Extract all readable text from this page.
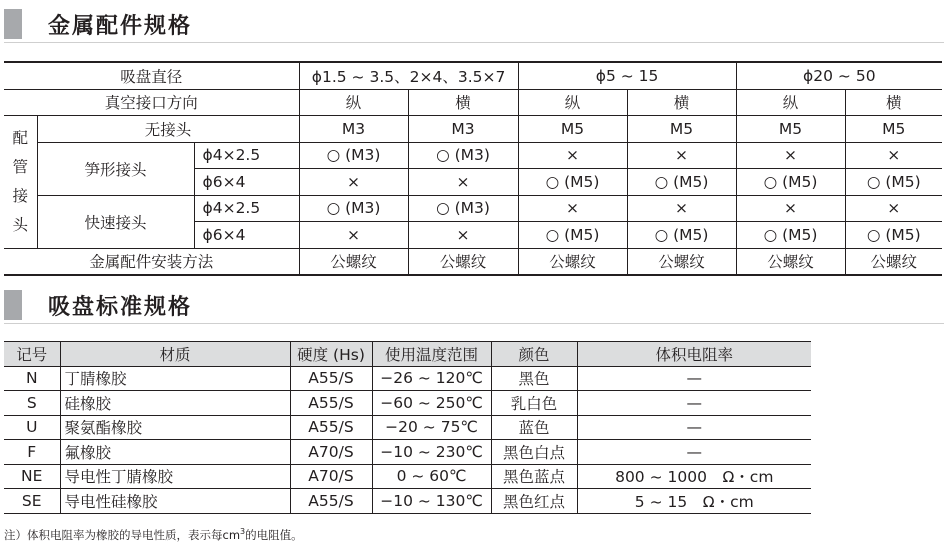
金属配件规格
吸盘直径			ϕ1.5 ~ 3.5、2×4、3.5×7		ϕ5 ~ 15		ϕ20 ~ 50	
真空接口方向			纵	横	纵	横	纵	横

配
管
接
头	无接头		M3	M3	M5	M5	M5	M5
	笋形接头	ϕ4×2.5	○ (M3)	○ (M3)	×	×	×	×
		ϕ6×4	×	×	○ (M5)	○ (M5)	○ (M5)	○ (M5)
	快速接头	ϕ4×2.5	○ (M3)	○ (M3)	×	×	×	×
		ϕ6×4	×	×	○ (M5)	○ (M5)	○ (M5)	○ (M5)
金属配件安装方法			公螺纹	公螺纹	公螺纹	公螺纹	公螺纹	公螺纹
吸盘标准规格
记号	材质	硬度 (Hs)	使用温度范围	颜色	体积电阻率
N	丁腈橡胶	A55/S	−26 ~ 120℃	黑色	—
S	硅橡胶	A55/S	−60 ~ 250℃	乳白色	—
U	聚氨酯橡胶	A55/S	−20 ~ 75℃	蓝色	—
F	氟橡胶	A70/S	−10 ~ 230℃	黑色白点	—
NE	导电性丁腈橡胶	A70/S	0 ~ 60℃	黑色蓝点	800 ~ 1000　Ω・cm
SE	导电性硅橡胶	A55/S	−10 ~ 130℃	黑色红点	5 ~ 15　Ω・cm
注）体积电阻率为橡胶的导电性质，表示每$cm^3$的电阻值。
